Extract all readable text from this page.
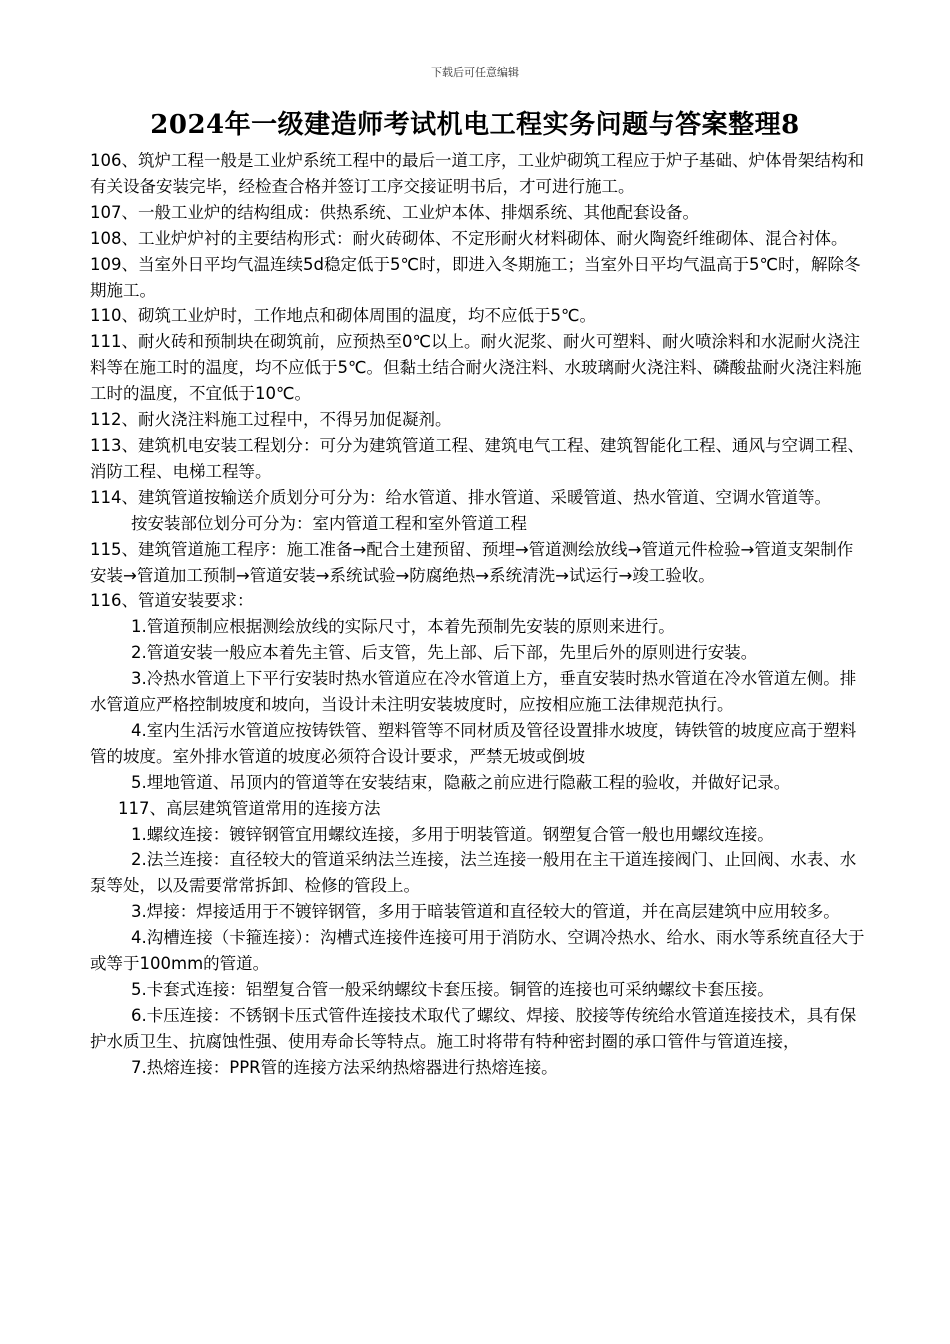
下载后可任意编辑
2024年一级建造师考试机电工程实务问题与答案整理8

106、筑炉工程一般是工业炉系统工程中的最后一道工序，工业炉砌筑工程应于炉子基础、炉体骨架结构和有关设备安装完毕，经检查合格并签订工序交接证明书后，才可进行施工。

107、一般工业炉的结构组成：供热系统、工业炉本体、排烟系统、其他配套设备。

108、工业炉炉衬的主要结构形式：耐火砖砌体、不定形耐火材料砌体、耐火陶瓷纤维砌体、混合衬体。

109、当室外日平均气温连续5d稳定低于5℃时，即进入冬期施工；当室外日平均气温高于5℃时，解除冬期施工。

110、砌筑工业炉时，工作地点和砌体周围的温度，均不应低于5℃。

111、耐火砖和预制块在砌筑前，应预热至0℃以上。耐火泥浆、耐火可塑料、耐火喷涂料和水泥耐火浇注料等在施工时的温度，均不应低于5℃。但黏土结合耐火浇注料、水玻璃耐火浇注料、磷酸盐耐火浇注料施工时的温度，不宜低于10℃。

112、耐火浇注料施工过程中，不得另加促凝剂。

113、建筑机电安装工程划分：可分为建筑管道工程、建筑电气工程、建筑智能化工程、通风与空调工程、消防工程、电梯工程等。

114、建筑管道按输送介质划分可分为：给水管道、排水管道、采暖管道、热水管道、空调水管道等。

按安装部位划分可分为：室内管道工程和室外管道工程

115、建筑管道施工程序：施工准备→配合土建预留、预埋→管道测绘放线→管道元件检验→管道支架制作安装→管道加工预制→管道安装→系统试验→防腐绝热→系统清洗→试运行→竣工验收。

116、管道安装要求：

1.管道预制应根据测绘放线的实际尺寸，本着先预制先安装的原则来进行。

2.管道安装一般应本着先主管、后支管，先上部、后下部，先里后外的原则进行安装。

3.冷热水管道上下平行安装时热水管道应在冷水管道上方，垂直安装时热水管道在冷水管道左侧。排水管道应严格控制坡度和坡向，当设计未注明安装坡度时，应按相应施工法律规范执行。

4.室内生活污水管道应按铸铁管、塑料管等不同材质及管径设置排水坡度，铸铁管的坡度应高于塑料管的坡度。室外排水管道的坡度必须符合设计要求，严禁无坡或倒坡

5.埋地管道、吊顶内的管道等在安装结束，隐蔽之前应进行隐蔽工程的验收，并做好记录。

117、高层建筑管道常用的连接方法

1.螺纹连接：镀锌钢管宜用螺纹连接，多用于明装管道。钢塑复合管一般也用螺纹连接。

2.法兰连接：直径较大的管道采纳法兰连接，法兰连接一般用在主干道连接阀门、止回阀、水表、水泵等处，以及需要常常拆卸、检修的管段上。

3.焊接：焊接适用于不镀锌钢管，多用于暗装管道和直径较大的管道，并在高层建筑中应用较多。

4.沟槽连接（卡箍连接）：沟槽式连接件连接可用于消防水、空调冷热水、给水、雨水等系统直径大于或等于100mm的管道。

5.卡套式连接：铝塑复合管一般采纳螺纹卡套压接。铜管的连接也可采纳螺纹卡套压接。

6.卡压连接：不锈钢卡压式管件连接技术取代了螺纹、焊接、胶接等传统给水管道连接技术，具有保护水质卫生、抗腐蚀性强、使用寿命长等特点。施工时将带有特种密封圈的承口管件与管道连接，

7.热熔连接：PPR管的连接方法采纳热熔器进行热熔连接。
